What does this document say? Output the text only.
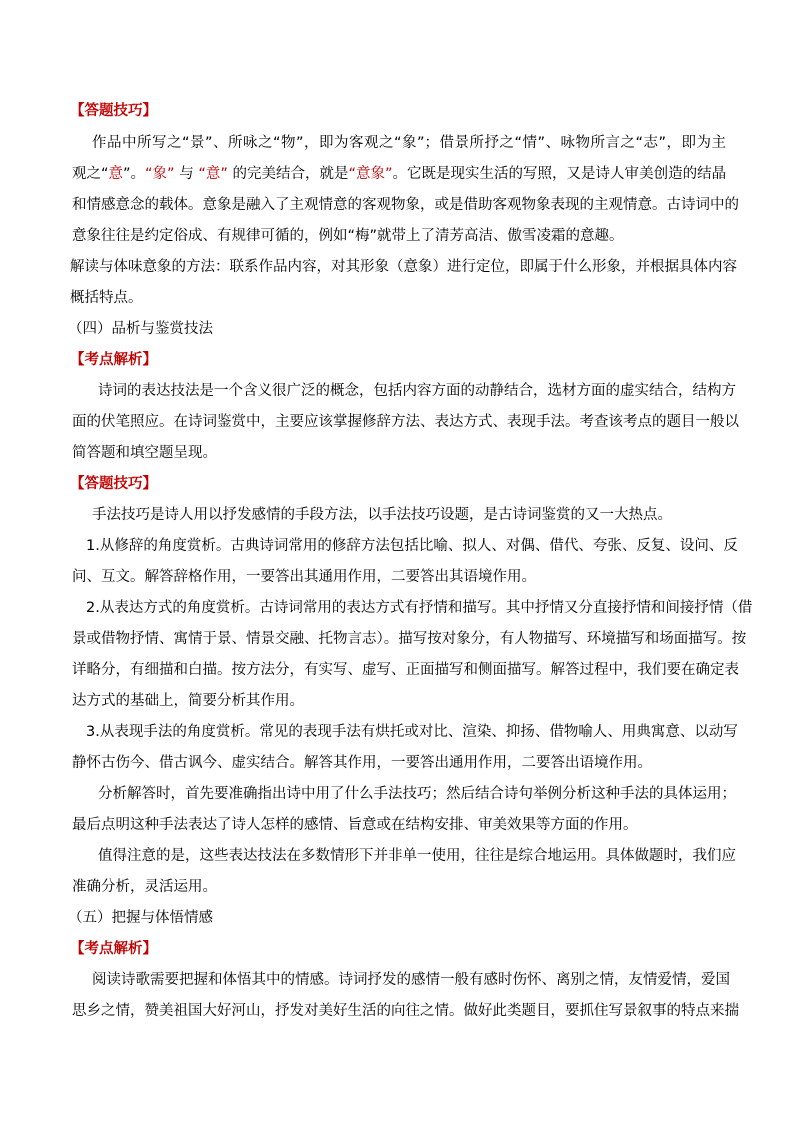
【答题技巧】
作品中所写之“景”、所咏之“物”，即为客观之“象”；借景所抒之“情”、咏物所言之“志”，即为主
观之“意”。“象” 与 “意” 的完美结合，就是“意象”。它既是现实生活的写照，又是诗人审美创造的结晶
和情感意念的载体。意象是融入了主观情意的客观物象，或是借助客观物象表现的主观情意。古诗词中的
意象往往是约定俗成、有规律可循的，例如“梅”就带上了清芳高洁、傲雪凌霜的意趣。
解读与体味意象的方法：联系作品内容，对其形象（意象）进行定位，即属于什么形象，并根据具体内容
概括特点。
（四）品析与鉴赏技法
【考点解析】
诗词的表达技法是一个含义很广泛的概念，包括内容方面的动静结合，选材方面的虚实结合，结构方
面的伏笔照应。在诗词鉴赏中，主要应该掌握修辞方法、表达方式、表现手法。考查该考点的题目一般以
简答题和填空题呈现。
【答题技巧】
手法技巧是诗人用以抒发感情的手段方法，以手法技巧设题，是古诗词鉴赏的又一大热点。
1.从修辞的角度赏析。古典诗词常用的修辞方法包括比喻、拟人、对偶、借代、夸张、反复、设问、反
问、互文。解答辞格作用，一要答出其通用作用，二要答出其语境作用。
2.从表达方式的角度赏析。古诗词常用的表达方式有抒情和描写。其中抒情又分直接抒情和间接抒情（借
景或借物抒情、寓情于景、情景交融、托物言志）。描写按对象分，有人物描写、环境描写和场面描写。按
详略分，有细描和白描。按方法分，有实写、虚写、正面描写和侧面描写。解答过程中，我们要在确定表
达方式的基础上，简要分析其作用。
3.从表现手法的角度赏析。常见的表现手法有烘托或对比、渲染、抑扬、借物喻人、用典寓意、以动写
静怀古伤今、借古讽今、虚实结合。解答其作用，一要答出通用作用，二要答出语境作用。
分析解答时，首先要准确指出诗中用了什么手法技巧；然后结合诗句举例分析这种手法的具体运用；
最后点明这种手法表达了诗人怎样的感情、旨意或在结构安排、审美效果等方面的作用。
值得注意的是，这些表达技法在多数情形下并非单一使用，往往是综合地运用。具体做题时，我们应
准确分析，灵活运用。
（五）把握与体悟情感
【考点解析】
阅读诗歌需要把握和体悟其中的情感。诗词抒发的感情一般有感时伤怀、离别之情，友情爱情，爱国
思乡之情，赞美祖国大好河山，抒发对美好生活的向往之情。做好此类题目，要抓住写景叙事的特点来揣
